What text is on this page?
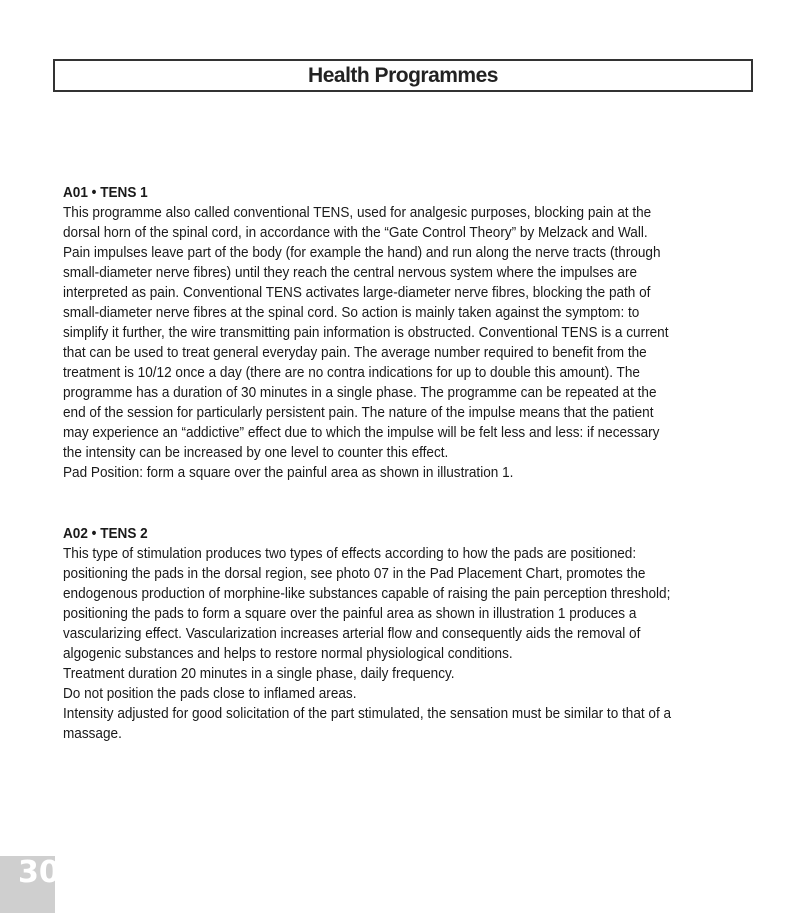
Health Programmes
A01 • TENS 1

This programme also called conventional TENS, used for analgesic purposes, blocking pain at the dorsal horn of the spinal cord, in accordance with the “Gate Control Theory” by Melzack and Wall. Pain impulses leave part of the body (for example the hand) and run along the nerve tracts (through small-diameter nerve fibres) until they reach the central nervous system where the impulses are interpreted as pain. Conventional TENS activates large-diameter nerve fibres, blocking the path of small-diameter nerve fibres at the spinal cord. So action is mainly taken against the symptom: to simplify it further, the wire transmitting pain information is obstructed. Conventional TENS is a current that can be used to treat general everyday pain. The average number required to benefit from the treatment is 10/12 once a day (there are no contra indications for up to double this amount). The programme has a duration of 30 minutes in a single phase. The programme can be repeated at the end of the session for particularly persistent pain. The nature of the impulse means that the patient may experience an “addictive” effect due to which the impulse will be felt less and less: if necessary the intensity can be increased by one level to counter this effect.

Pad Position: form a square over the painful area as shown in illustration 1.

A02 • TENS 2

This type of stimulation produces two types of effects according to how the pads are positioned: positioning the pads in the dorsal region, see photo 07 in the Pad Placement Chart, promotes the endogenous production of morphine-like substances capable of raising the pain perception threshold; positioning the pads to form a square over the painful area as shown in illustration 1 produces a vascularizing effect. Vascularization increases arterial flow and consequently aids the removal of algogenic substances and helps to restore normal physiological conditions.

Treatment duration 20 minutes in a single phase, daily frequency.

Do not position the pads close to inflamed areas.

Intensity adjusted for good solicitation of the part stimulated, the sensation must be similar to that of a massage.

30
